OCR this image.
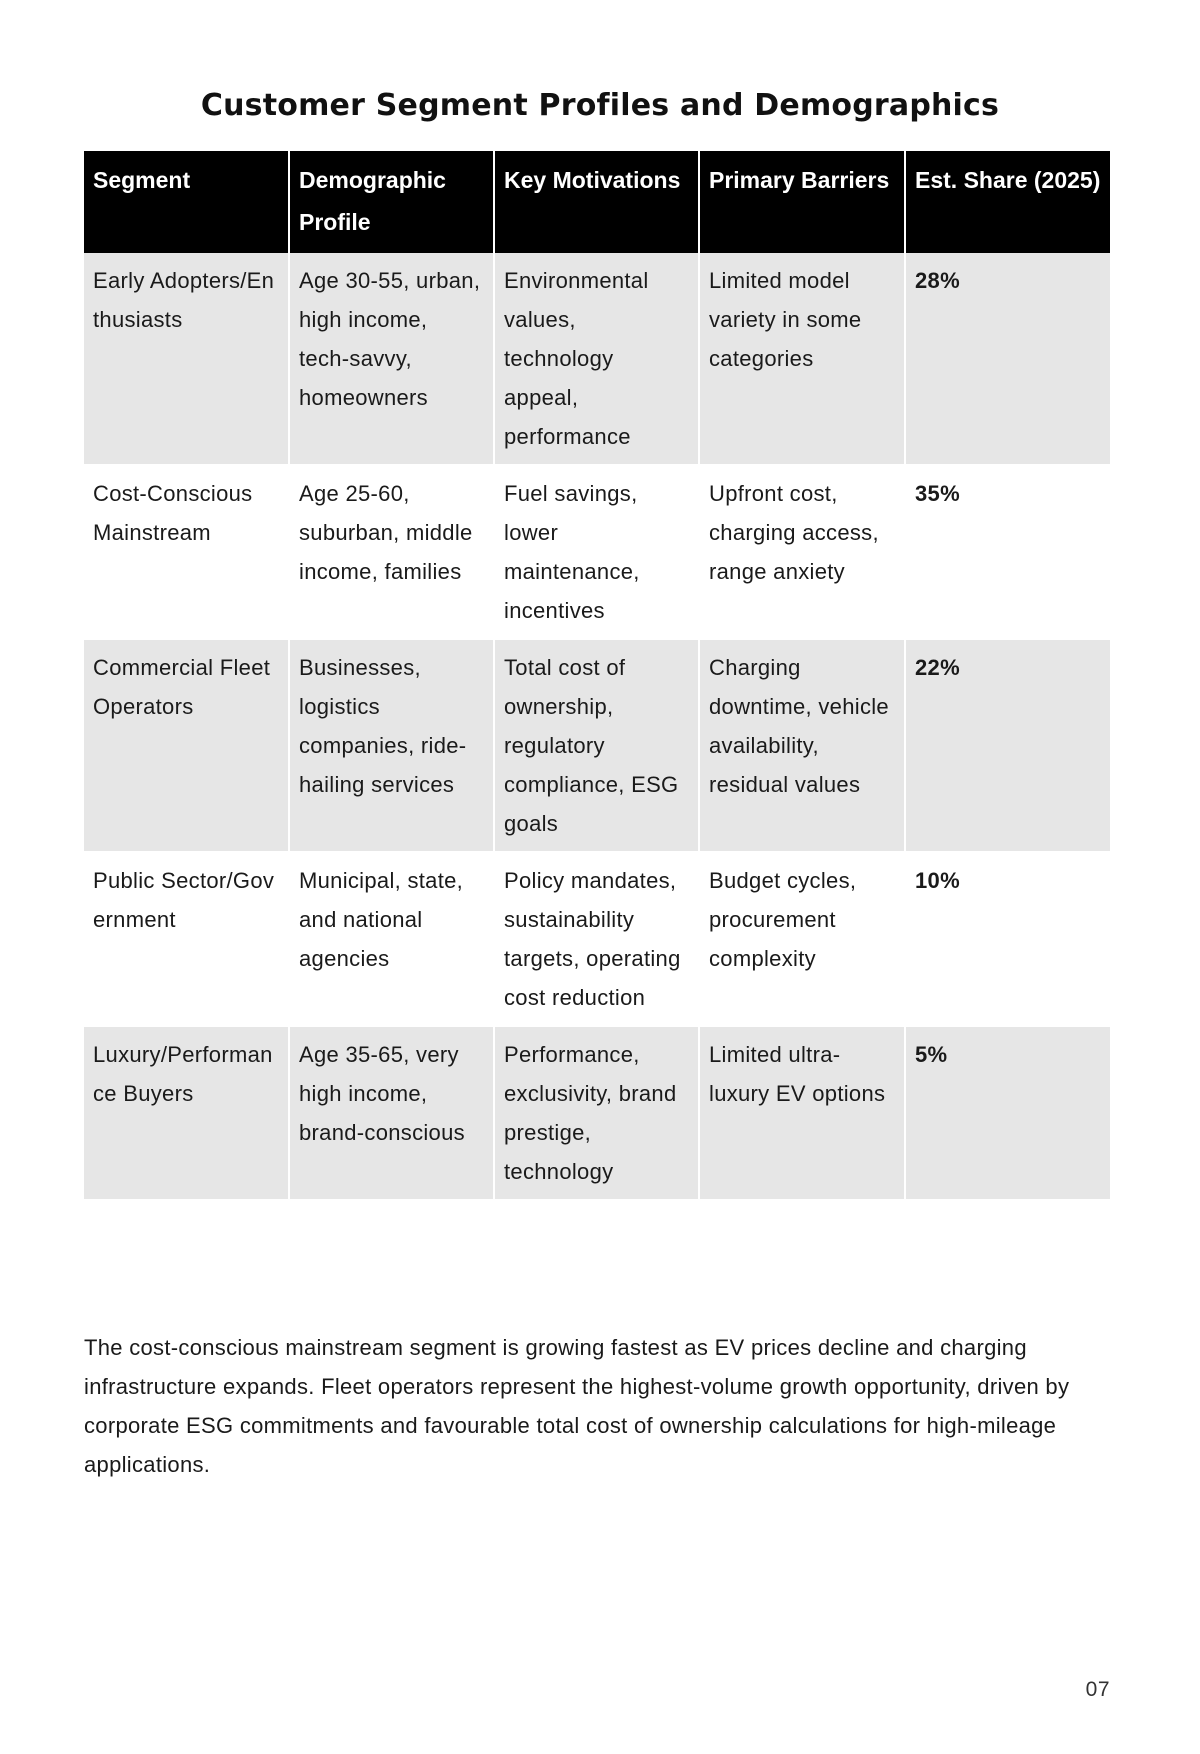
Customer Segment Profiles and Demographics
Segment	Demographic Profile	Key Motivations	Primary Barriers	Est. Share (2025)
Early Adopters/Enthusiasts	Age 30-55, urban, high income, tech-savvy, homeowners	Environmental values, technology appeal, performance	Limited model variety in some categories	28%
Cost-Conscious Mainstream	Age 25-60, suburban, middle income, families	Fuel savings, lower maintenance, incentives	Upfront cost, charging access, range anxiety	35%
Commercial Fleet Operators	Businesses, logistics companies, ride-hailing services	Total cost of ownership, regulatory compliance, ESG goals	Charging downtime, vehicle availability, residual values	22%
Public Sector/Government	Municipal, state, and national agencies	Policy mandates, sustainability targets, operating cost reduction	Budget cycles, procurement complexity	10%
Luxury/Performance Buyers	Age 35-65, very high income, brand-conscious	Performance, exclusivity, brand prestige, technology	Limited ultra-luxury EV options	5%

The cost-conscious mainstream segment is growing fastest as EV prices decline and charging infrastructure expands. Fleet operators represent the highest-volume growth opportunity, driven by corporate ESG commitments and favourable total cost of ownership calculations for high-mileage applications.

07
